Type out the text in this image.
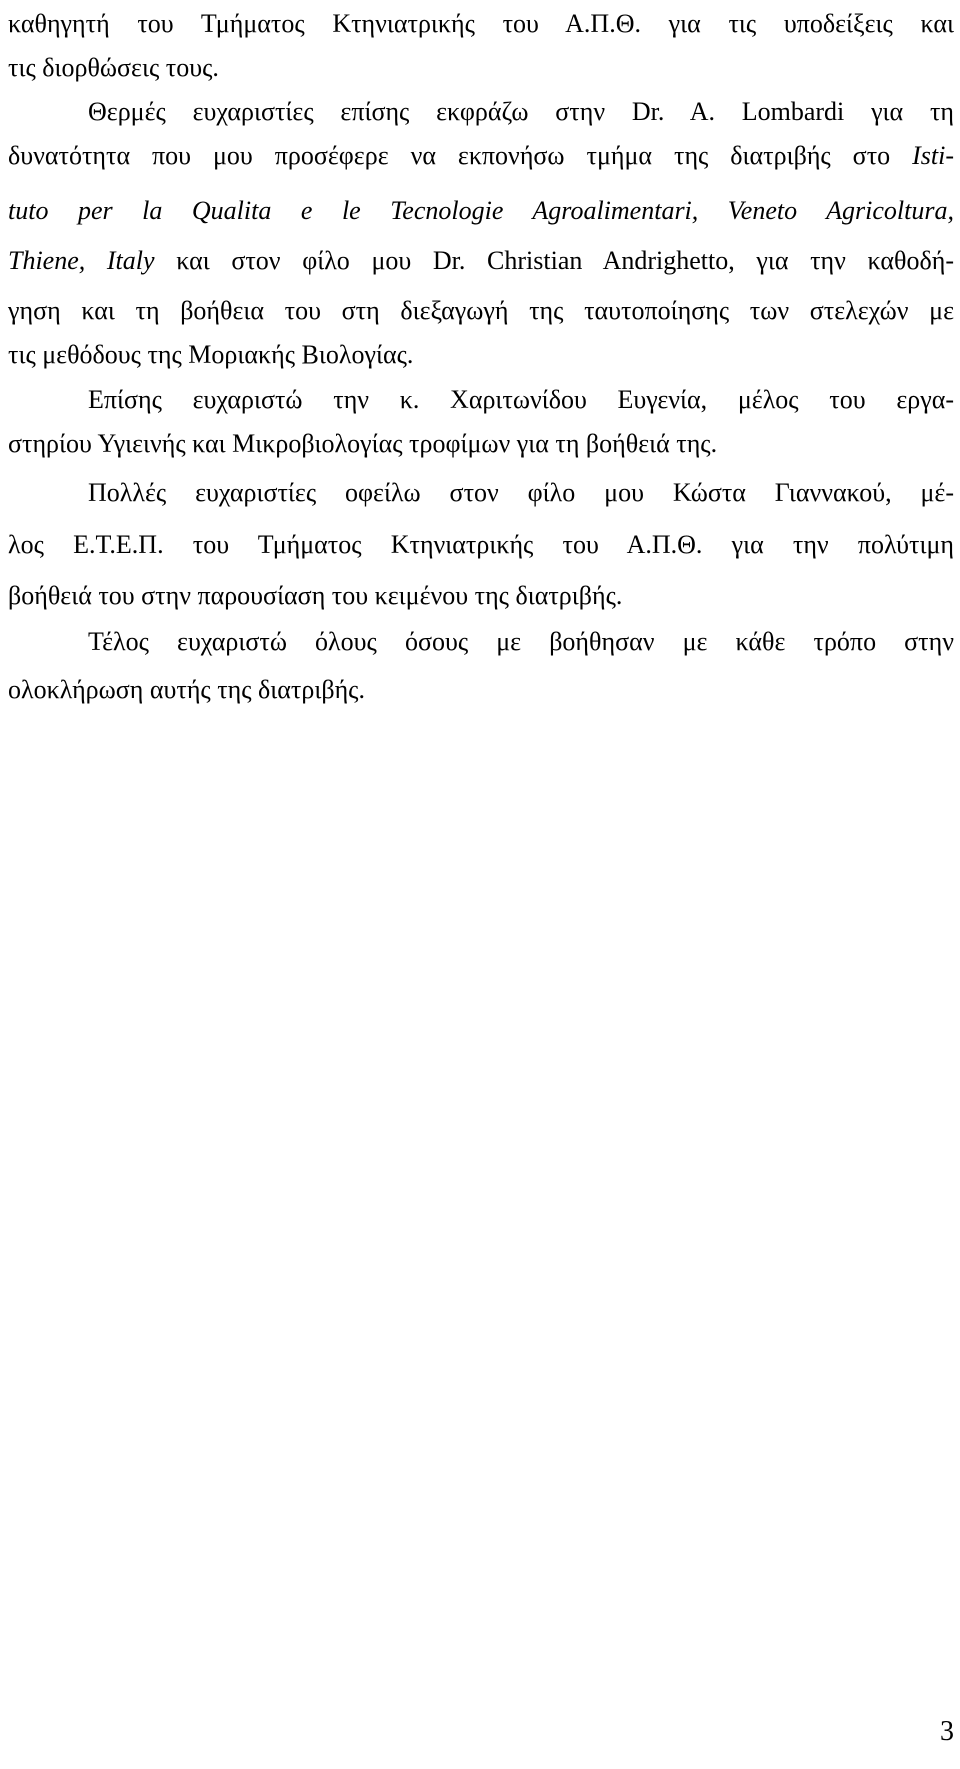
καθηγητή του Τμήματος Κτηνιατρικής του Α.Π.Θ. για τις υποδείξεις και
τις διορθώσεις τους.
Θερμές ευχαριστίες επίσης εκφράζω στην Dr. A. Lombardi για τη
δυνατότητα που μου προσέφερε να εκπονήσω τμήμα της διατριβής στο Isti-
tuto per la Qualita e le Tecnologie Agroalimentari, Veneto Agricoltura,
Thiene, Italy και στον φίλο μου Dr. Christian Andrighetto, για την καθοδή-
γηση και τη βοήθεια του στη διεξαγωγή της ταυτοποίησης των στελεχών με
τις μεθόδους της Μοριακής Βιολογίας.
Επίσης ευχαριστώ την κ. Χαριτωνίδου Ευγενία, μέλος του εργα-
στηρίου Υγιεινής και Μικροβιολογίας τροφίμων για τη βοήθειά της.
Πολλές ευχαριστίες οφείλω στον φίλο μου Κώστα Γιαννακού, μέ-
λος Ε.Τ.Ε.Π. του Τμήματος Κτηνιατρικής του Α.Π.Θ. για την πολύτιμη
βοήθειά του στην παρουσίαση του κειμένου της διατριβής.
Τέλος ευχαριστώ όλους όσους με βοήθησαν με κάθε τρόπο στην
ολοκλήρωση αυτής της διατριβής.
3
